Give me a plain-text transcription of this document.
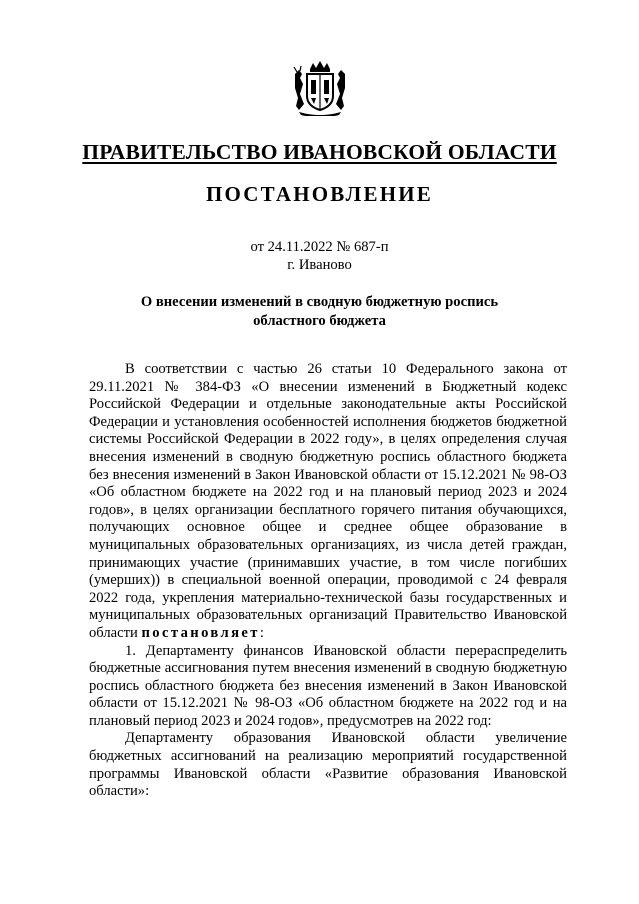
ПРАВИТЕЛЬСТВО ИВАНОВСКОЙ ОБЛАСТИ
ПОСТАНОВЛЕНИЕ
от 24.11.2022 № 687-п
г. Иваново
О внесении изменений в сводную бюджетную роспись
областного бюджета

В соответствии с частью 26 статьи 10 Федерального закона от 29.11.2021 № 384-ФЗ «О внесении изменений в Бюджетный кодекс Российской Федерации и отдельные законодательные акты Российской Федерации и установления особенностей исполнения бюджетов бюджетной системы Российской Федерации в 2022 году», в целях определения случая внесения изменений в сводную бюджетную роспись областного бюджета без внесения изменений в Закон Ивановской области от 15.12.2021 № 98-ОЗ «Об областном бюджете на 2022 год и на плановый период 2023 и 2024 годов», в целях организации бесплатного горячего питания обучающихся, получающих основное общее и среднее общее образование в муниципальных образовательных организациях, из числа детей граждан, принимающих участие (принимавших участие, в том числе погибших (умерших)) в специальной военной операции, проводимой с 24 февраля 2022 года, укрепления материально-технической базы государственных и муниципальных образовательных организаций Правительство Ивановской области постановляет:

1. Департаменту финансов Ивановской области перераспределить бюджетные ассигнования путем внесения изменений в сводную бюджетную роспись областного бюджета без внесения изменений в Закон Ивановской области от 15.12.2021 № 98-ОЗ «Об областном бюджете на 2022 год и на плановый период 2023 и 2024 годов», предусмотрев на 2022 год:

Департаменту образования Ивановской области увеличение бюджетных ассигнований на реализацию мероприятий государственной программы Ивановской области «Развитие образования Ивановской области»:
